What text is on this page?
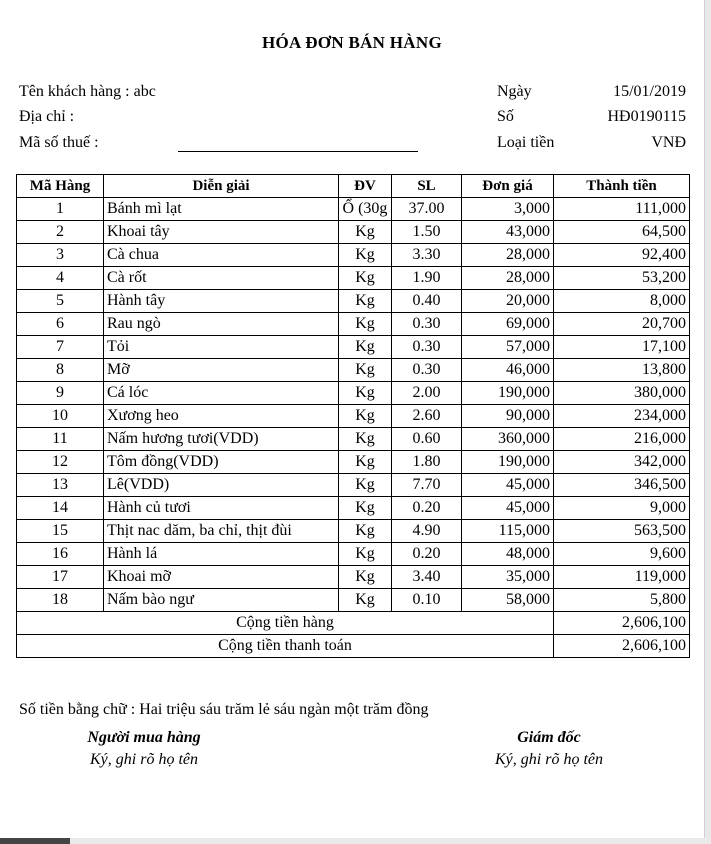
HÓA ĐƠN BÁN HÀNG
Tên khách hàng : abc
Địa chỉ :
Mã số thuế :
Ngày	15/01/2019
Số	HĐ0190115
Loại tiền	VNĐ
Mã Hàng	Diễn giải	ĐV	SL	Đơn giá	Thành tiền
1	Bánh mì lạt	Ổ (30g	37.00	3,000	111,000
2	Khoai tây	Kg	1.50	43,000	64,500
3	Cà chua	Kg	3.30	28,000	92,400
4	Cà rốt	Kg	1.90	28,000	53,200
5	Hành tây	Kg	0.40	20,000	8,000
6	Rau ngò	Kg	0.30	69,000	20,700
7	Tỏi	Kg	0.30	57,000	17,100
8	Mỡ	Kg	0.30	46,000	13,800
9	Cá lóc	Kg	2.00	190,000	380,000
10	Xương heo	Kg	2.60	90,000	234,000
11	Nấm hương tươi(VDD)	Kg	0.60	360,000	216,000
12	Tôm đồng(VDD)	Kg	1.80	190,000	342,000
13	Lê(VDD)	Kg	7.70	45,000	346,500
14	Hành củ tươi	Kg	0.20	45,000	9,000
15	Thịt nac dăm, ba chỉ, thịt đùi	Kg	4.90	115,000	563,500
16	Hành lá	Kg	0.20	48,000	9,600
17	Khoai mỡ	Kg	3.40	35,000	119,000
18	Nấm bào ngư	Kg	0.10	58,000	5,800
Cộng tiền hàng					2,606,100
Cộng tiền thanh toán					2,606,100
Số tiền bằng chữ : Hai triệu sáu trăm lẻ sáu ngàn một trăm đồng
Người mua hàng
Ký, ghi rõ họ tên
Giám đốc
Ký, ghi rõ họ tên
